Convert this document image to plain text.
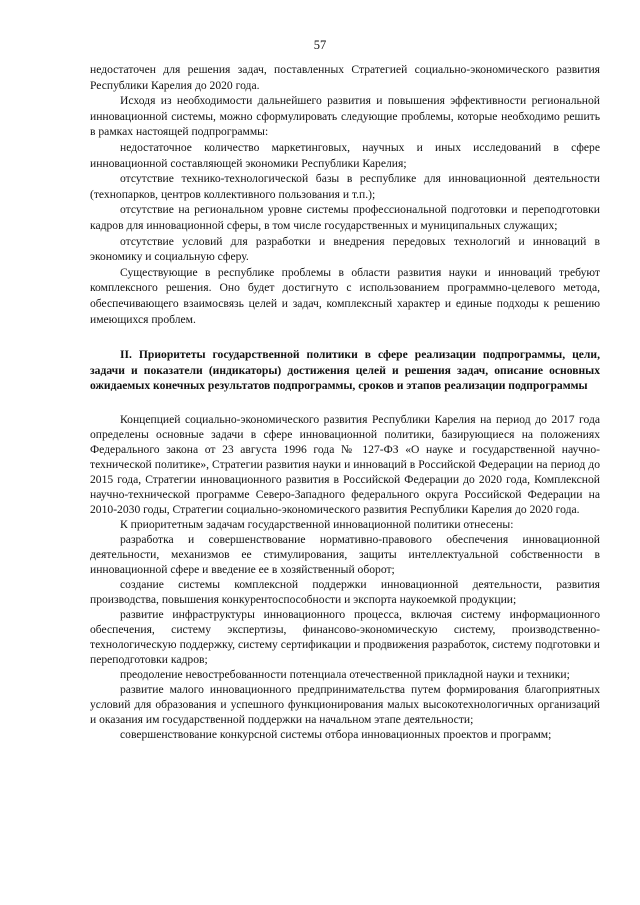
57

недостаточен для решения задач, поставленных Стратегией социально-экономического развития Республики Карелия до 2020 года.

Исходя из необходимости дальнейшего развития и повышения эффективности региональной инновационной системы, можно сформулировать следующие проблемы, которые необходимо решить в рамках настоящей подпрограммы:

недостаточное количество маркетинговых, научных и иных исследований в сфере инновационной составляющей экономики Республики Карелия;

отсутствие технико-технологической базы в республике для инновационной деятельности (технопарков, центров коллективного пользования и т.п.);

отсутствие на региональном уровне системы профессиональной подготовки и переподготовки кадров для инновационной сферы, в том числе государственных и муниципальных служащих;

отсутствие условий для разработки и внедрения передовых технологий и инноваций в экономику и социальную сферу.

Существующие в республике проблемы в области развития науки и инноваций требуют комплексного решения. Оно будет достигнуто с использованием программно-целевого метода, обеспечивающего взаимосвязь целей и задач, комплексный характер и единые подходы к решению имеющихся проблем.

II. Приоритеты государственной политики в сфере реализации подпрограммы, цели, задачи и показатели (индикаторы) достижения целей и решения задач, описание основных ожидаемых конечных результатов подпрограммы, сроков и этапов реализации подпрограммы

Концепцией социально-экономического развития Республики Карелия на период до 2017 года определены основные задачи в сфере инновационной политики, базирующиеся на положениях Федерального закона от 23 августа 1996 года № 127-ФЗ «О науке и государственной научно-технической политике», Стратегии развития науки и инноваций в Российской Федерации на период до 2015 года, Стратегии инновационного развития в Российской Федерации до 2020 года, Комплексной научно-технической программе Северо-Западного федерального округа Российской Федерации на 2010-2030 годы, Стратегии социально-экономического развития Республики Карелия до 2020 года.

К приоритетным задачам государственной инновационной политики отнесены:

разработка и совершенствование нормативно-правового обеспечения инновационной деятельности, механизмов ее стимулирования, защиты интеллектуальной собственности в инновационной сфере и введение ее в хозяйственный оборот;

создание системы комплексной поддержки инновационной деятельности, развития производства, повышения конкурентоспособности и экспорта наукоемкой продукции;

развитие инфраструктуры инновационного процесса, включая систему информационного обеспечения, систему экспертизы, финансово-экономическую систему, производственно-технологическую поддержку, систему сертификации и продвижения разработок, систему подготовки и переподготовки кадров;

преодоление невостребованности потенциала отечественной прикладной науки и техники;

развитие малого инновационного предпринимательства путем формирования благоприятных условий для образования и успешного функционирования малых высокотехнологичных организаций и оказания им государственной поддержки на начальном этапе деятельности;

совершенствование конкурсной системы отбора инновационных проектов и программ;
